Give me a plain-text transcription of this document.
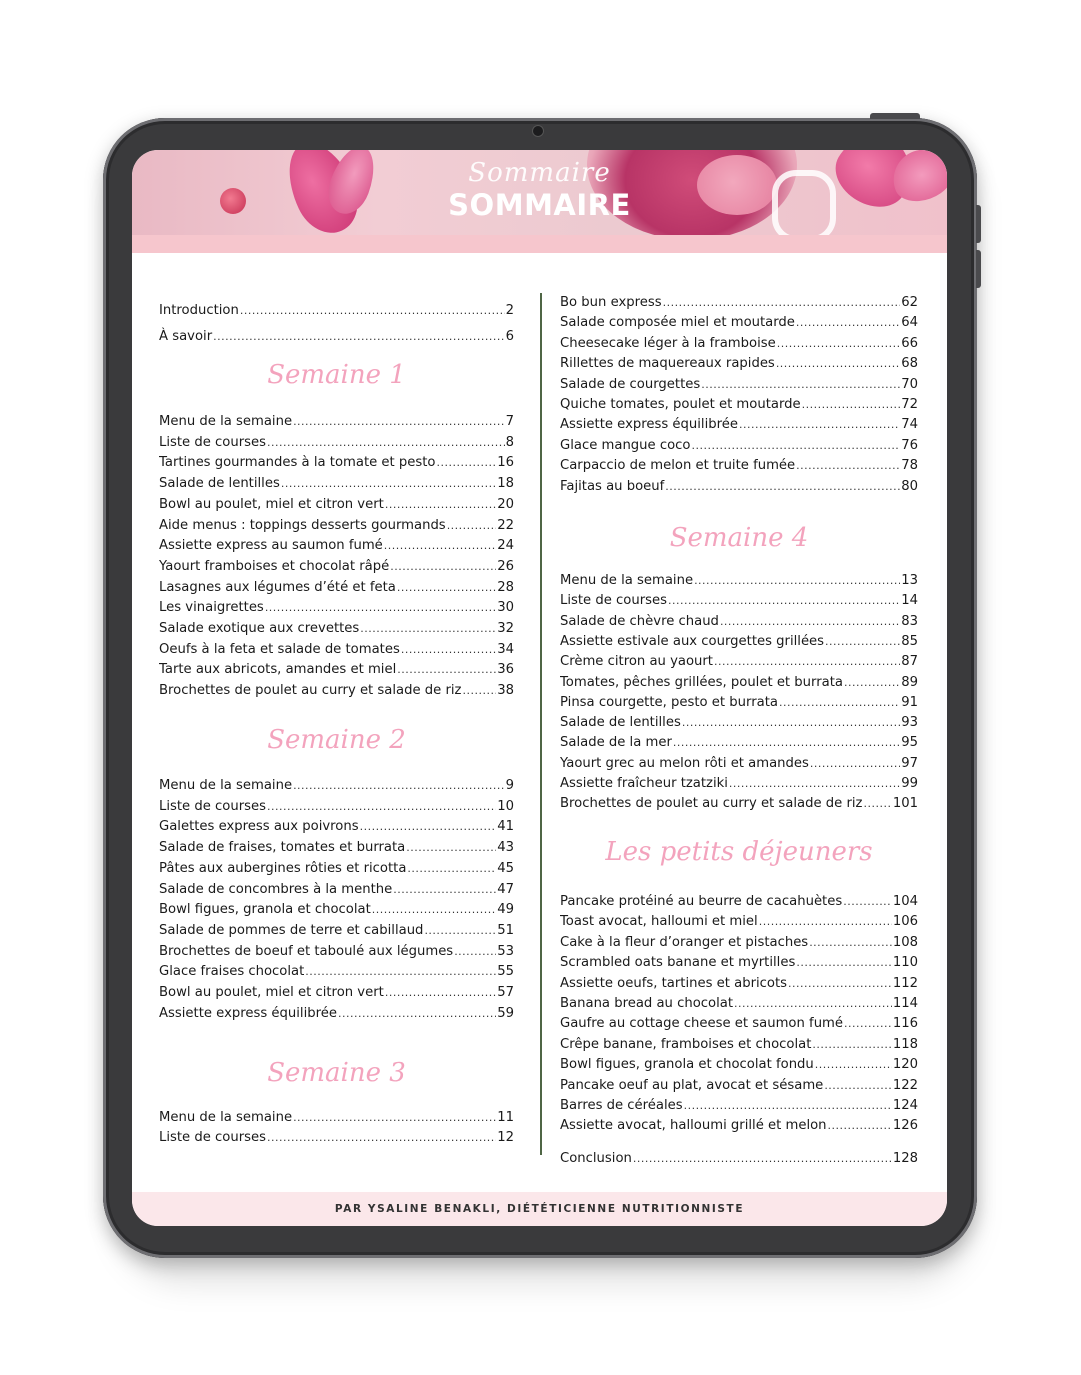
Sommaire
SOMMAIRE
Introduction .....	2
À savoir .....	6
Semaine 1
Menu de la semaine .....	7
Liste de courses .....	8
Tartines gourmandes à la tomate et pesto .....	16
Salade de lentilles .....	18
Bowl au poulet, miel et citron vert .....	20
Aide menus : toppings desserts gourmands .....	22
Assiette express au saumon fumé .....	24
Yaourt framboises et chocolat râpé .....	26
Lasagnes aux légumes d’été et feta .....	28
Les vinaigrettes .....	30
Salade exotique aux crevettes .....	32
Oeufs à la feta et salade de tomates .....	34
Tarte aux abricots, amandes et miel .....	36
Brochettes de poulet au curry et salade de riz .....	38
Semaine 2
Menu de la semaine .....	9
Liste de courses .....	10
Galettes express aux poivrons .....	41
Salade de fraises, tomates et burrata .....	43
Pâtes aux aubergines rôties et ricotta .....	45
Salade de concombres à la menthe .....	47
Bowl figues, granola et chocolat .....	49
Salade de pommes de terre et cabillaud .....	51
Brochettes de boeuf et taboulé aux légumes .....	53
Glace fraises chocolat .....	55
Bowl au poulet, miel et citron vert .....	57
Assiette express équilibrée .....	59
Semaine 3
Menu de la semaine .....	11
Liste de courses .....	12
Bo bun express .....	62
Salade composée miel et moutarde .....	64
Cheesecake léger à la framboise .....	66
Rillettes de maquereaux rapides .....	68
Salade de courgettes .....	70
Quiche tomates, poulet et moutarde .....	72
Assiette express équilibrée .....	74
Glace mangue coco .....	76
Carpaccio de melon et truite fumée .....	78
Fajitas au boeuf .....	80
Semaine 4
Menu de la semaine .....	13
Liste de courses .....	14
Salade de chèvre chaud .....	83
Assiette estivale aux courgettes grillées .....	85
Crème citron au yaourt .....	87
Tomates, pêches grillées, poulet et burrata .....	89
Pinsa courgette, pesto et burrata .....	91
Salade de lentilles .....	93
Salade de la mer .....	95
Yaourt grec au melon rôti et amandes .....	97
Assiette fraîcheur tzatziki .....	99
Brochettes de poulet au curry et salade de riz ..... 101
Les petits déjeuners
Pancake protéiné au beurre de cacahuètes .....	104
Toast avocat, halloumi et miel .....	106
Cake à la fleur d’oranger et pistaches .....	108
Scrambled oats banane et myrtilles .....	110
Assiette oeufs, tartines et abricots .....	112
Banana bread au chocolat .....	114
Gaufre au cottage cheese et saumon fumé .....	116
Crêpe banane, framboises et chocolat .....	118
Bowl figues, granola et chocolat fondu .....	120
Pancake oeuf au plat, avocat et sésame .....	122
Barres de céréales .....	124
Assiette avocat, halloumi grillé et melon .....	126
Conclusion .....	128
PAR YSALINE BENAKLI, DIÉTÉTICIENNE NUTRITIONNISTE
